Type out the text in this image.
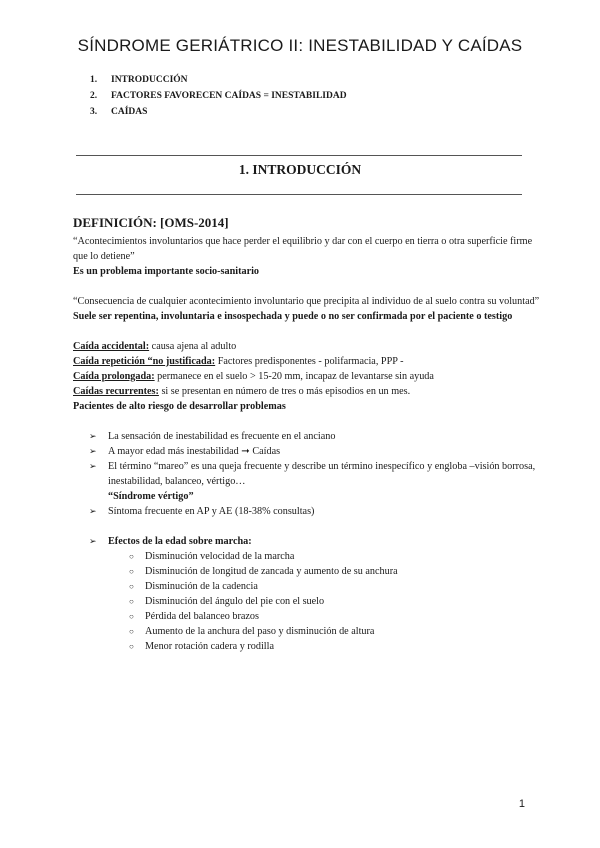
SÍNDROME GERIÁTRICO II: INESTABILIDAD Y CAÍDAS
1.	INTRODUCCIÓN
2.	FACTORES FAVORECEN CAÍDAS = INESTABILIDAD
3.	CAÍDAS
1. INTRODUCCIÓN
DEFINICIÓN: [OMS-2014]
“Acontecimientos involuntarios que hace perder el equilibrio y dar con el cuerpo en tierra o otra superficie firme que lo detiene”
Es un problema importante socio-sanitario
“Consecuencia de cualquier acontecimiento involuntario que precipita al individuo de al suelo contra su voluntad”
Suele ser repentina, involuntaria e insospechada y puede o no ser confirmada por el paciente o testigo
Caída accidental: causa ajena al adulto
Caída repetición “no justificada: Factores predisponentes - polifarmacia, PPP -
Caída prolongada: permanece en el suelo > 15-20 mm, incapaz de levantarse sin ayuda
Caídas recurrentes: si se presentan en número de tres o más episodios en un mes.
Pacientes de alto riesgo de desarrollar problemas
➢ La sensación de inestabilidad es frecuente en el anciano
➢ A mayor edad más inestabilidad ➞ Caídas
➢ El término “mareo” es una queja frecuente y describe un término inespecífico y engloba –visión borrosa, inestabilidad, balanceo, vértigo…
“Síndrome vértigo”
➢ Síntoma frecuente en AP y AE (18-38% consultas)
➢ Efectos de la edad sobre marcha:
○ Disminución velocidad de la marcha
○ Disminución de longitud de zancada y aumento de su anchura
○ Disminución de la cadencia
○ Disminución del ángulo del pie con el suelo
○ Pérdida del balanceo brazos
○ Aumento de la anchura del paso y disminución de altura
○ Menor rotación cadera y rodilla
1
